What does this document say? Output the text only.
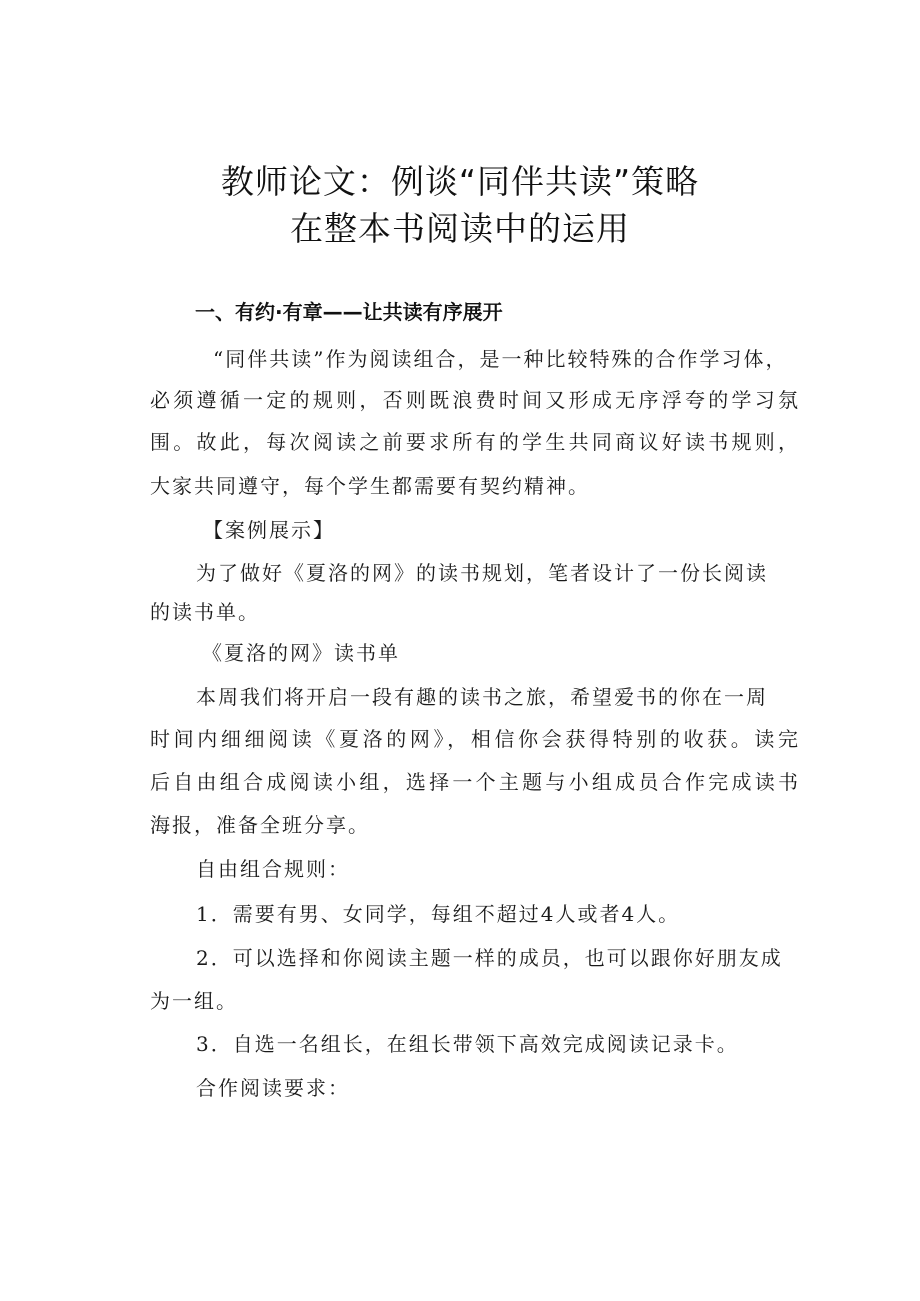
教师论文：例谈“同伴共读”策略
在整本书阅读中的运用
一、有约·有章——让共读有序展开
“同伴共读”作为阅读组合，是一种比较特殊的合作学习体，
必须遵循一定的规则，否则既浪费时间又形成无序浮夸的学习氛
围。故此，每次阅读之前要求所有的学生共同商议好读书规则，
大家共同遵守，每个学生都需要有契约精神。
【案例展示】
为了做好《夏洛的网》的读书规划，笔者设计了一份长阅读
的读书单。
《夏洛的网》读书单
本周我们将开启一段有趣的读书之旅，希望爱书的你在一周
时间内细细阅读《夏洛的网》，相信你会获得特别的收获。读完
后自由组合成阅读小组，选择一个主题与小组成员合作完成读书
海报，准备全班分享。
自由组合规则：
1．需要有男、女同学，每组不超过4人或者4人。
2．可以选择和你阅读主题一样的成员，也可以跟你好朋友成
为一组。
3．自选一名组长，在组长带领下高效完成阅读记录卡。
合作阅读要求：
